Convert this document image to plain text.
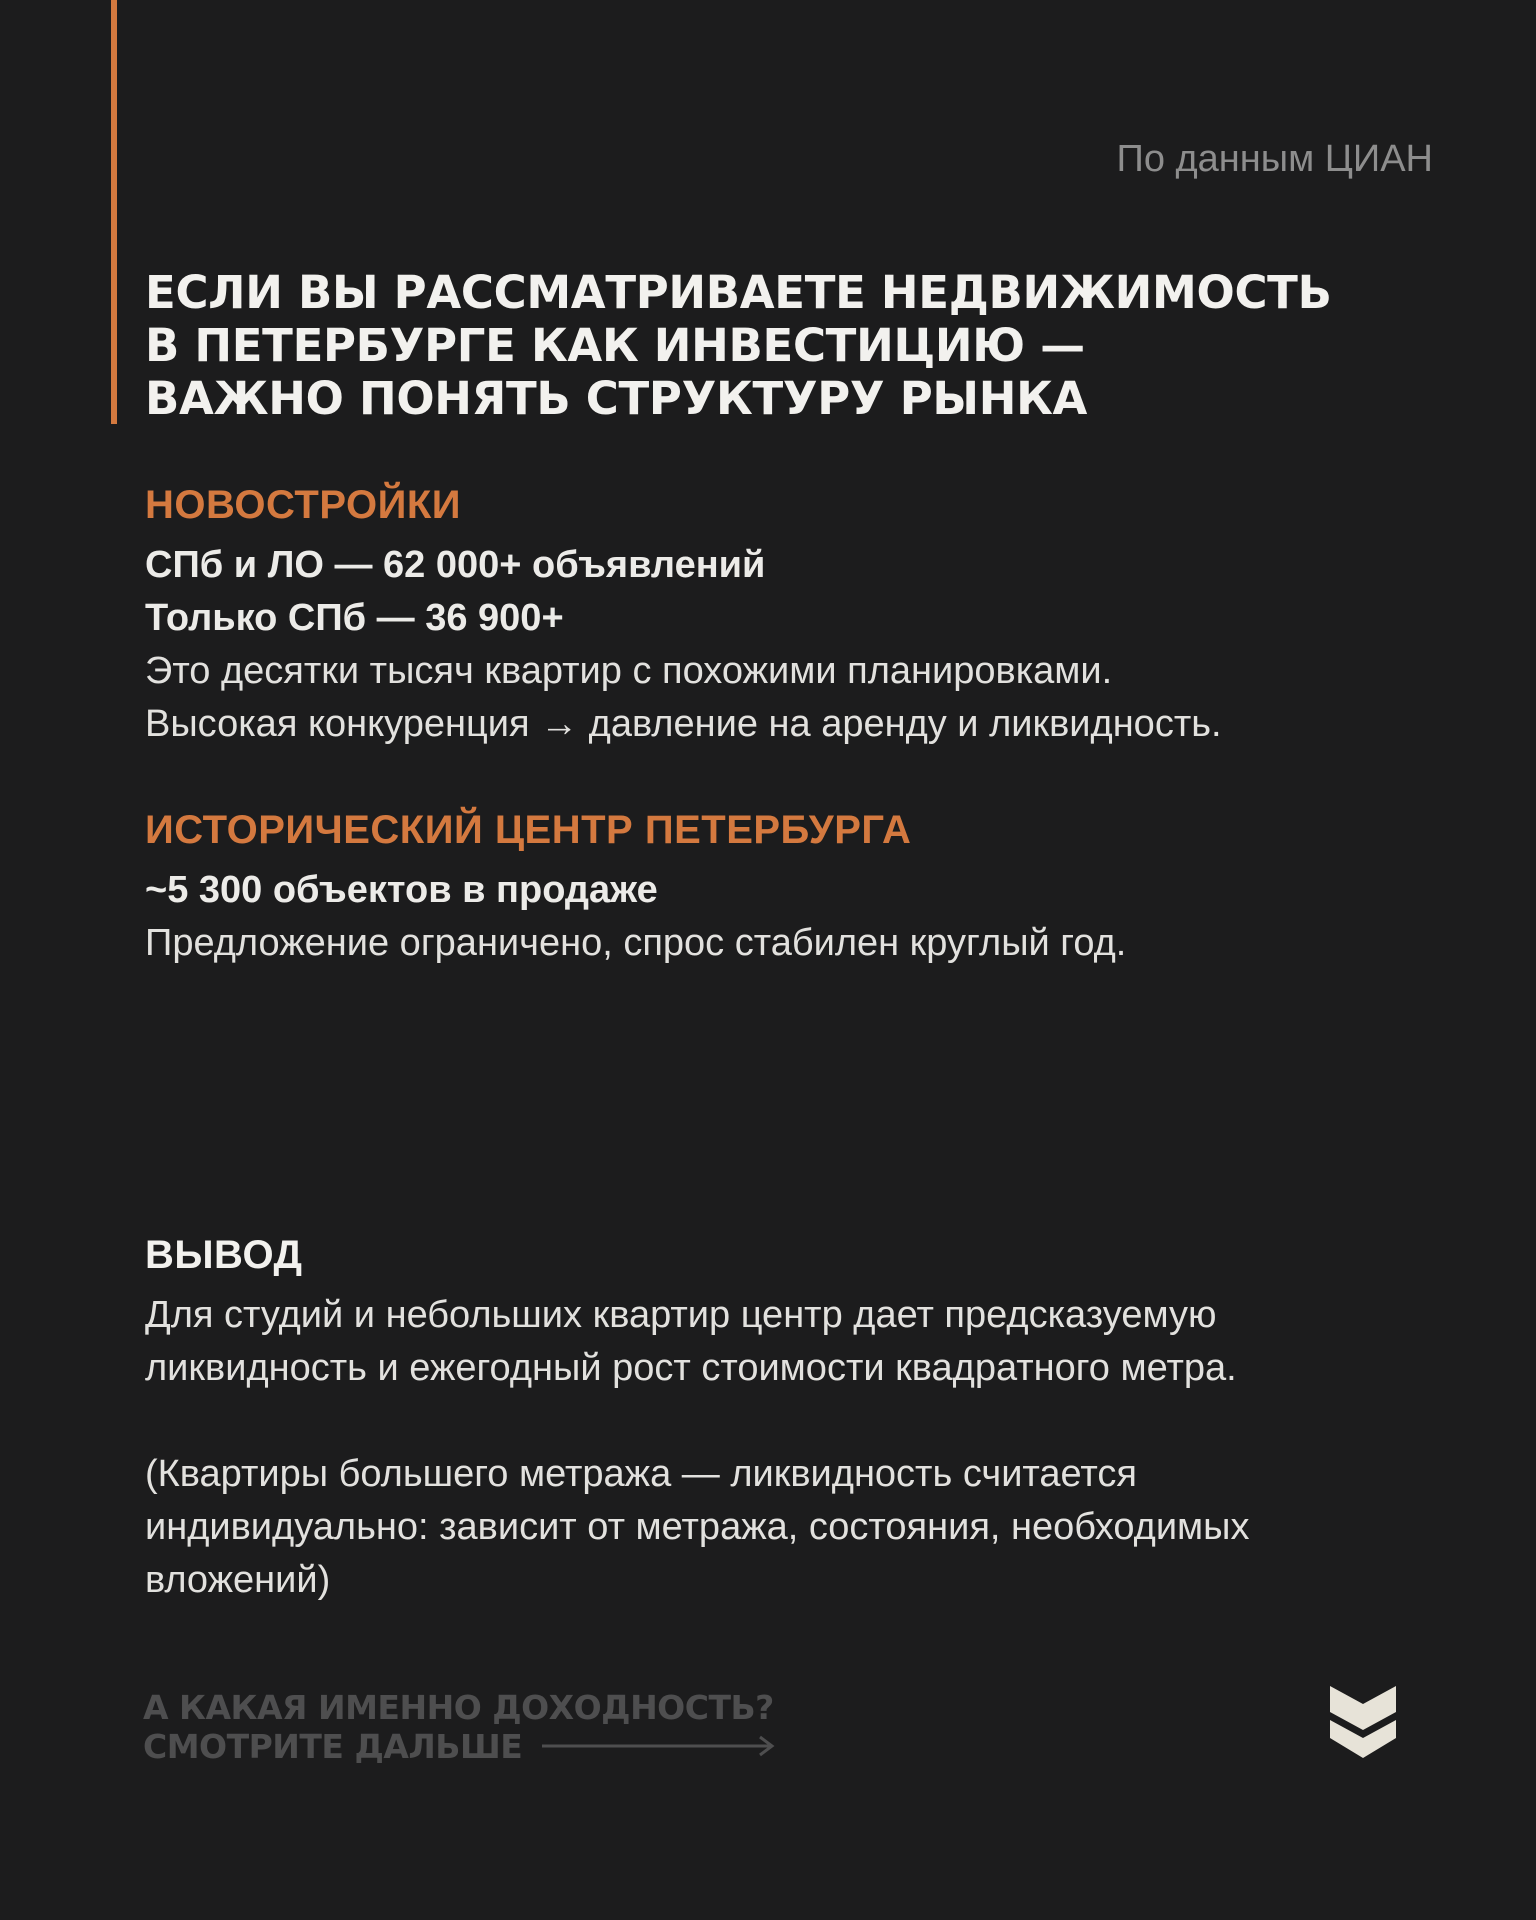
По данным ЦИАН
ЕСЛИ ВЫ РАССМАТРИВАЕТЕ НЕДВИЖИМОСТЬ
В ПЕТЕРБУРГЕ КАК ИНВЕСТИЦИЮ —
ВАЖНО ПОНЯТЬ СТРУКТУРУ РЫНКА
НОВОСТРОЙКИ
СПб и ЛО — 62 000+ объявлений
Только СПб — 36 900+
Это десятки тысяч квартир с похожими планировками.
Высокая конкуренция → давление на аренду и ликвидность.
ИСТОРИЧЕСКИЙ ЦЕНТР ПЕТЕРБУРГА
~5 300 объектов в продаже
Предложение ограничено, спрос стабилен круглый год.
ВЫВОД
Для студий и небольших квартир центр дает предсказуемую
ликвидность и ежегодный рост стоимости квадратного метра.
(Квартиры большего метража — ликвидность считается
индивидуально: зависит от метража, состояния, необходимых
вложений)
А КАКАЯ ИМЕННО ДОХОДНОСТЬ?
СМОТРИТЕ ДАЛЬШЕ
